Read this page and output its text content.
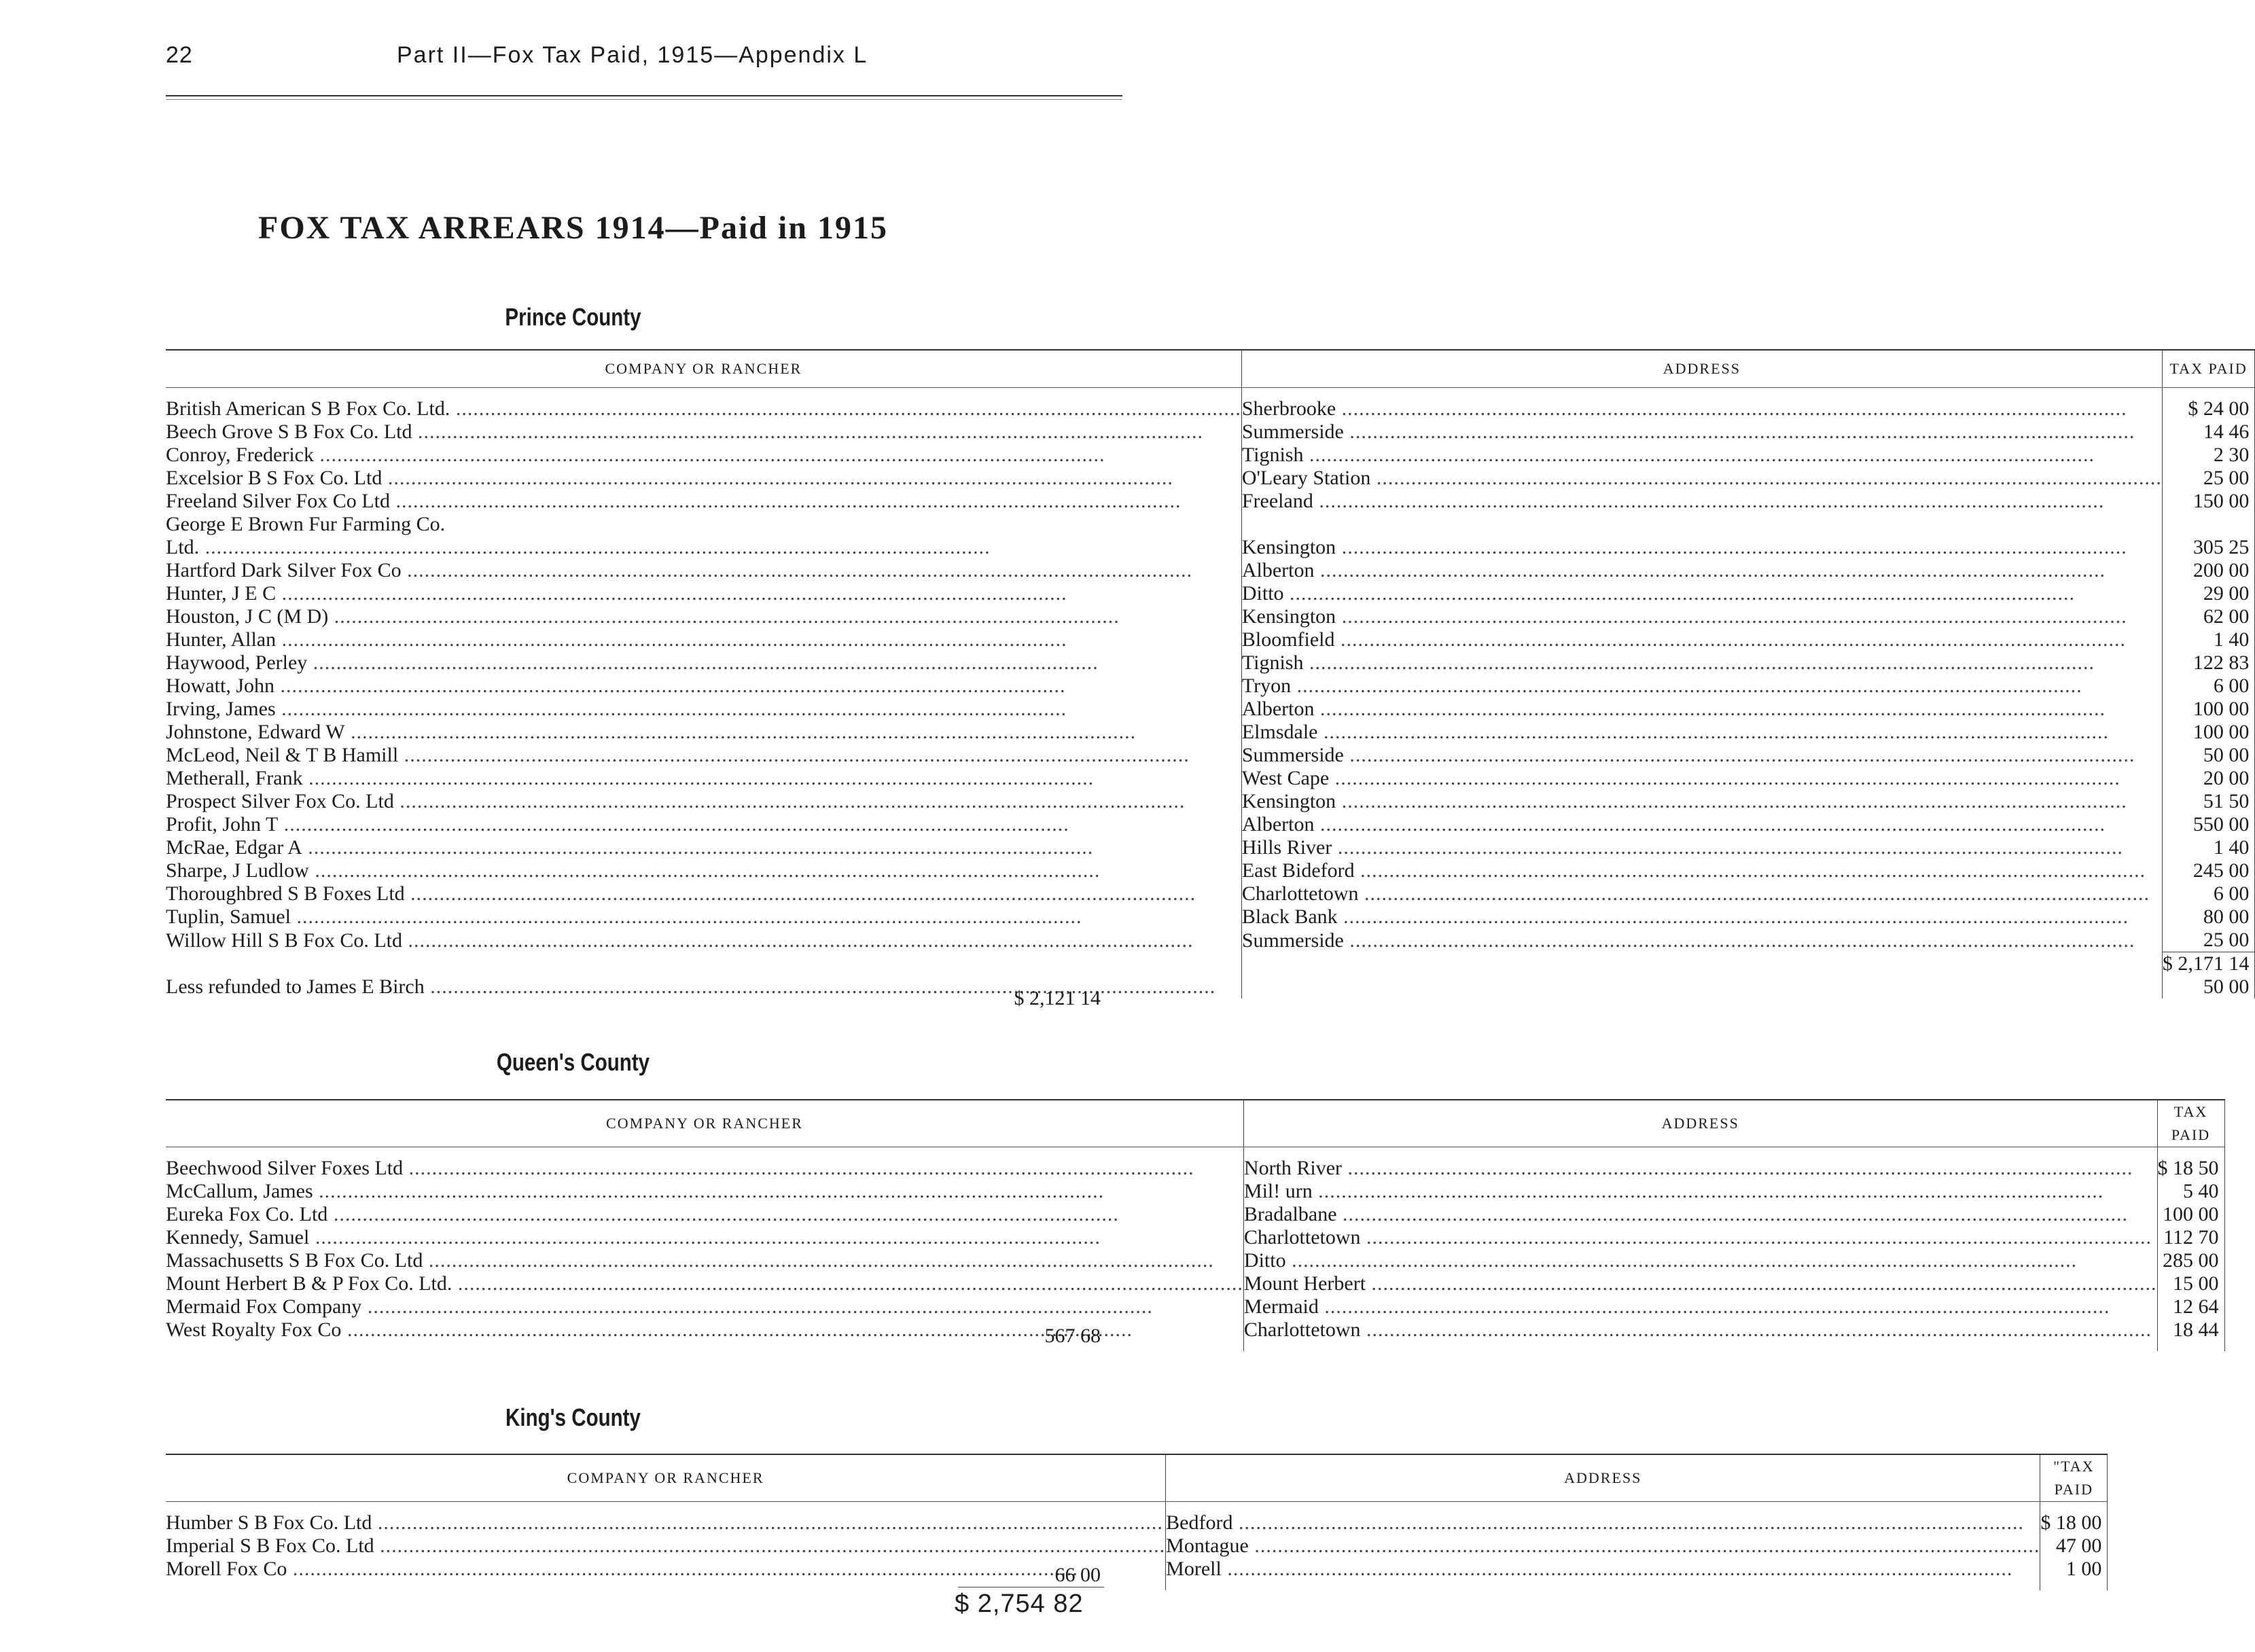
22	Part II—Fox Tax Paid, 1915—Appendix L
FOX TAX ARREARS 1914—Paid in 1915
Prince County
COMPANY OR RANCHER	ADDRESS	TAX PAID

British American S B Fox Co. Ltd. .....	Sherbrooke .....	$ 24 00
Beech Grove S B Fox Co. Ltd .....	Summerside .....	14 46
Conroy, Frederick .....	Tignish .....	2 30
Excelsior B S Fox Co. Ltd .....	O'Leary Station .....	25 00
Freeland Silver Fox Co Ltd .....	Freeland .....	150 00
George E Brown Fur Farming Co.		
Ltd. .....	Kensington .....	305 25
Hartford Dark Silver Fox Co .....	Alberton .....	200 00
Hunter, J E C .....	Ditto .....	29 00
Houston, J C (M D) .....	Kensington .....	62 00
Hunter, Allan .....	Bloomfield .....	1 40
Haywood, Perley .....	Tignish .....	122 83
Howatt, John .....	Tryon .....	6 00
Irving, James .....	Alberton .....	100 00
Johnstone, Edward W .....	Elmsdale .....	100 00
McLeod, Neil & T B Hamill .....	Summerside .....	50 00
Metherall, Frank .....	West Cape .....	20 00
Prospect Silver Fox Co. Ltd .....	Kensington .....	51 50
Profit, John T .....	Alberton .....	550 00
McRae, Edgar A .....	Hills River .....	1 40
Sharpe, J Ludlow .....	East Bideford .....	245 00
Thoroughbred S B Foxes Ltd .....	Charlottetown .....	6 00
Tuplin, Samuel .....	Black Bank .....	80 00
Willow Hill S B Fox Co. Ltd .....	Summerside .....	25 00
		$ 2,171 14
Less refunded to James E Birch .....		50 00
$ 2,121 14
Queen's County
COMPANY OR RANCHER	ADDRESS	TAX PAID

Beechwood Silver Foxes Ltd .....	North River .....	$ 18 50
McCallum, James .....	Mil! urn .....	5 40
Eureka Fox Co. Ltd .....	Bradalbane .....	100 00
Kennedy, Samuel .....	Charlottetown .....	112 70
Massachusetts S B Fox Co. Ltd .....	Ditto .....	285 00
Mount Herbert B & P Fox Co. Ltd. .....	Mount Herbert .....	15 00
Mermaid Fox Company .....	Mermaid .....	12 64
West Royalty Fox Co .....	Charlottetown .....	18 44

567 68
King's County
COMPANY OR RANCHER	ADDRESS	"TAX PAID

Humber S B Fox Co. Ltd .....	Bedford .....	$ 18 00
Imperial S B Fox Co. Ltd .....	Montague .....	47 00
Morell Fox Co .....	Morell .....	1 00

66 00
$ 2,754 82
